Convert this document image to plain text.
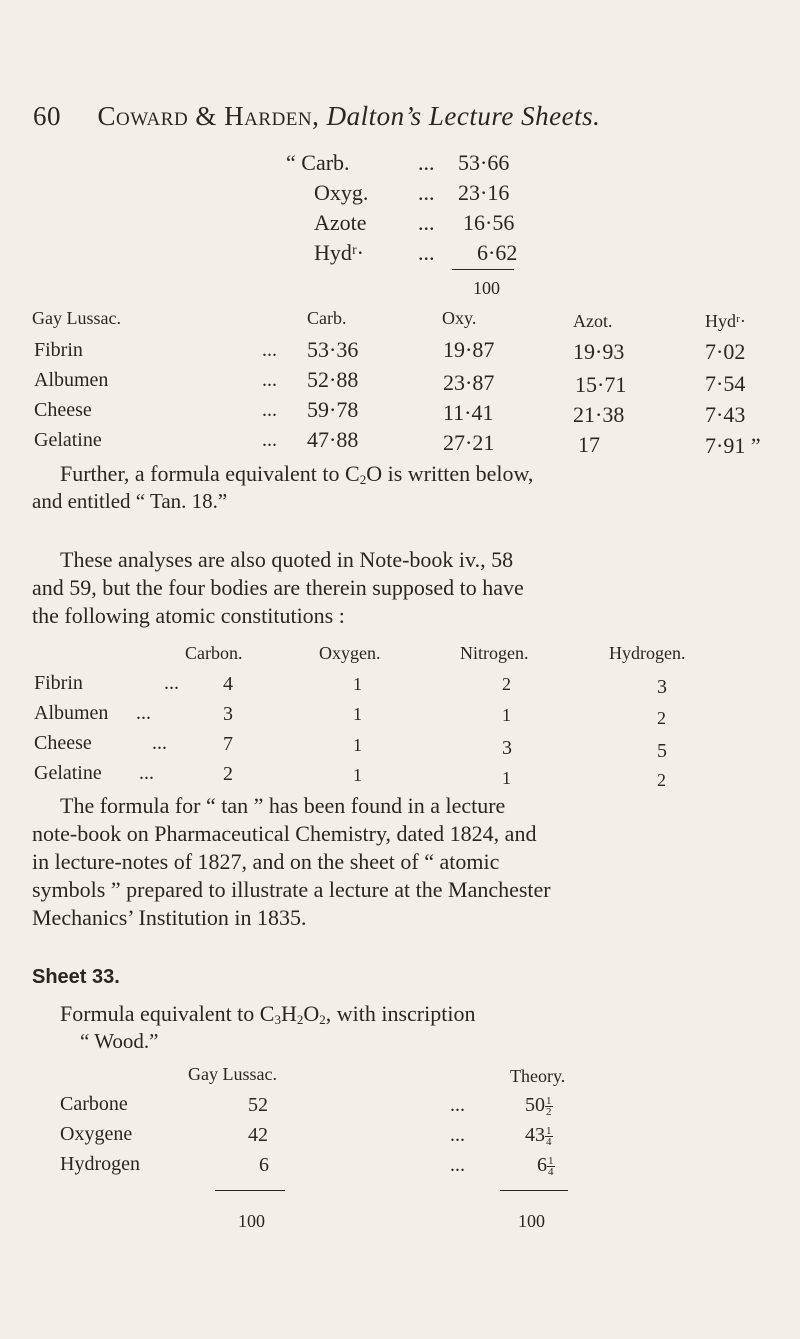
60 Coward & Harden, Dalton’s Lecture Sheets.
“ Carb.	... 53·66
Oxyg. ... 23·16
Azote ... 16·56
Hydʳ· ... 6·62
100
Gay Lussac.	Carb.	Oxy.	Azot.	Hydʳ·
Fibrin	... 53·36	19·87	19·93	7·02
Albumen	... 52·88	23·87	15·71	7·54
Cheese	... 59·78	11·41	21·38	7·43
Gelatine	... 47·88	27·21	17	7·91 ”
Further, a formula equivalent to $C_2O$ is written below,
and entitled “ Tan. 18.”
These analyses are also quoted in Note-book iv., 58
and 59, but the four bodies are therein supposed to have
the following atomic constitutions :
Carbon.	Oxygen.	Nitrogen.	Hydrogen.
Fibrin	... 4	1	2	3
Albumen ...	3	1	1	2
Cheese	...	7	1	3	5
Gelatine ...	2	1	1	2
The formula for “ tan ” has been found in a lecture
note-book on Pharmaceutical Chemistry, dated 1824, and
in lecture-notes of 1827, and on the sheet of “ atomic
symbols ” prepared to illustrate a lecture at the Manchester
Mechanics’ Institution in 1835.
Sheet 33.
Formula equivalent to $C_3H_2O_2$, with inscription
“ Wood.”
Gay Lussac.	Theory.
Carbone	52	...	$50 \frac{1}{2}$
Oxygene	42	...	$43 \frac{1}{4}$
Hydrogen	6	...	$6 \frac{1}{4}$
100	100
